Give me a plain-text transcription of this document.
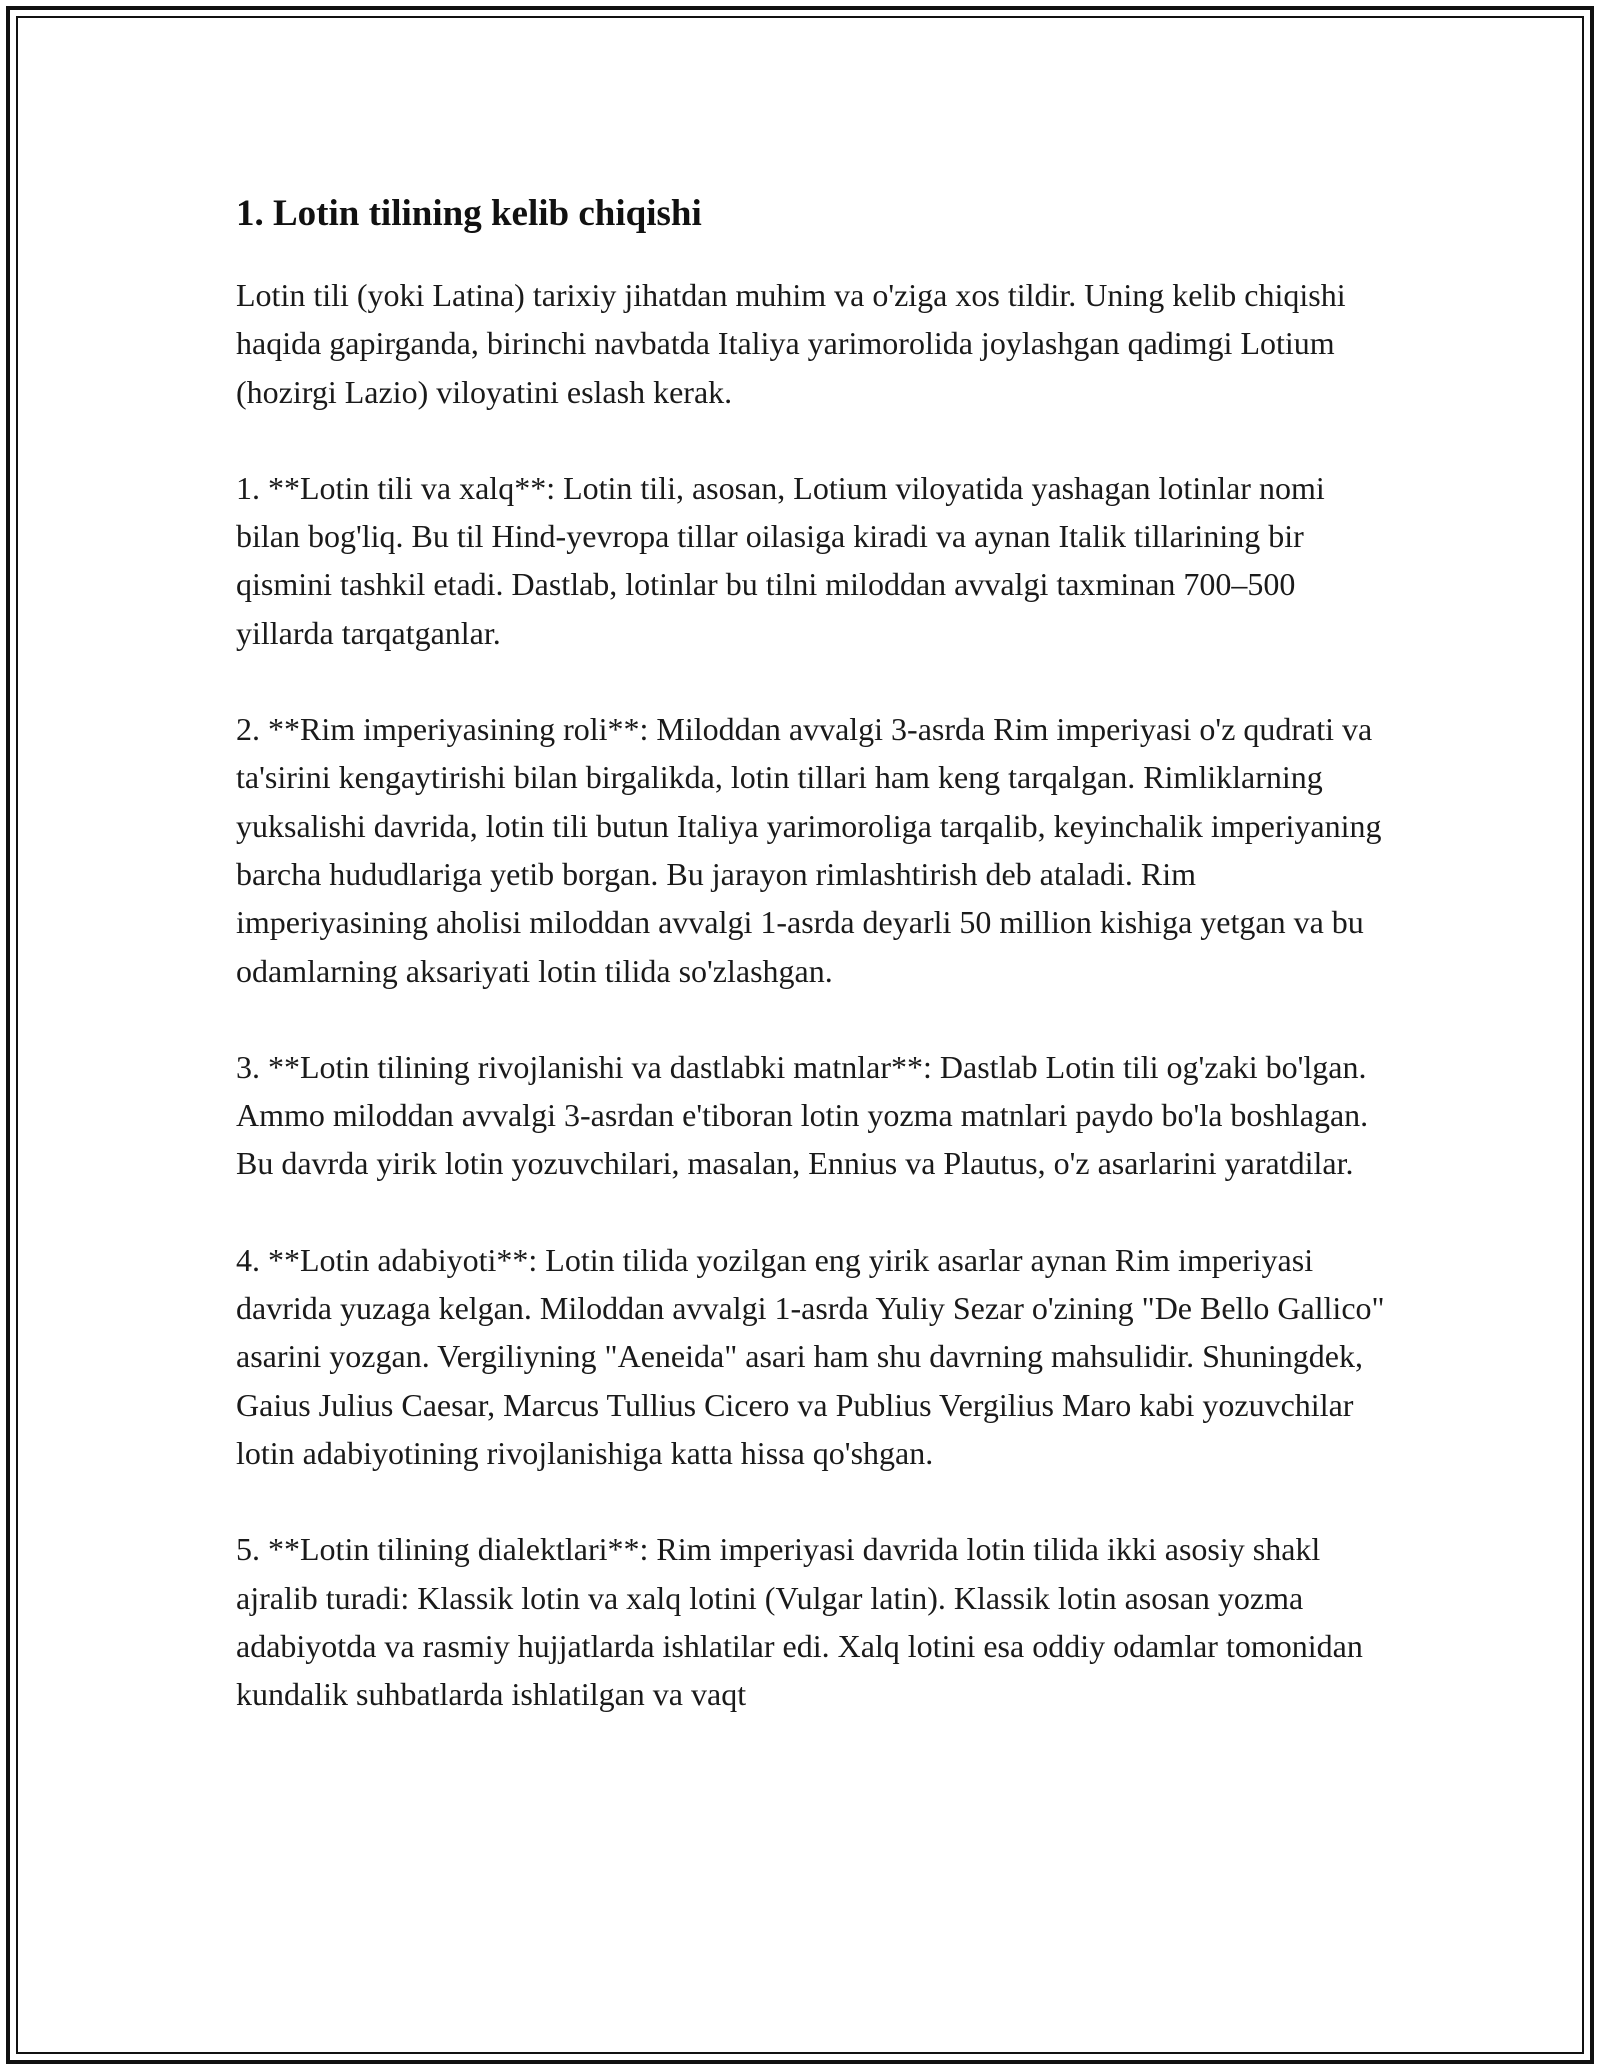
1. Lotin tilining kelib chiqishi

Lotin tili (yoki Latina) tarixiy jihatdan muhim va o'ziga xos tildir. Uning kelib chiqishi haqida gapirganda, birinchi navbatda Italiya yarimorolida joylashgan qadimgi Lotium (hozirgi Lazio) viloyatini eslash kerak.

1. **Lotin tili va xalq**: Lotin tili, asosan, Lotium viloyatida yashagan lotinlar nomi bilan bog'liq. Bu til Hind-yevropa tillar oilasiga kiradi va aynan Italik tillarining bir qismini tashkil etadi. Dastlab, lotinlar bu tilni miloddan avvalgi taxminan 700–500 yillarda tarqatganlar.

2. **Rim imperiyasining roli**: Miloddan avvalgi 3-asrda Rim imperiyasi o'z qudrati va ta'sirini kengaytirishi bilan birgalikda, lotin tillari ham keng tarqalgan. Rimliklarning yuksalishi davrida, lotin tili butun Italiya yarimoroliga tarqalib, keyinchalik imperiyaning barcha hududlariga yetib borgan. Bu jarayon rimlashtirish deb ataladi. Rim imperiyasining aholisi miloddan avvalgi 1-asrda deyarli 50 million kishiga yetgan va bu odamlarning aksariyati lotin tilida so'zlashgan.

3. **Lotin tilining rivojlanishi va dastlabki matnlar**: Dastlab Lotin tili og'zaki bo'lgan. Ammo miloddan avvalgi 3-asrdan e'tiboran lotin yozma matnlari paydo bo'la boshlagan. Bu davrda yirik lotin yozuvchilari, masalan, Ennius va Plautus, o'z asarlarini yaratdilar.

4. **Lotin adabiyoti**: Lotin tilida yozilgan eng yirik asarlar aynan Rim imperiyasi davrida yuzaga kelgan. Miloddan avvalgi 1-asrda Yuliy Sezar o'zining "De Bello Gallico" asarini yozgan. Vergiliyning "Aeneida" asari ham shu davrning mahsulidir. Shuningdek, Gaius Julius Caesar, Marcus Tullius Cicero va Publius Vergilius Maro kabi yozuvchilar lotin adabiyotining rivojlanishiga katta hissa qo'shgan.

5. **Lotin tilining dialektlari**: Rim imperiyasi davrida lotin tilida ikki asosiy shakl ajralib turadi: Klassik lotin va xalq lotini (Vulgar latin). Klassik lotin asosan yozma adabiyotda va rasmiy hujjatlarda ishlatilar edi. Xalq lotini esa oddiy odamlar tomonidan kundalik suhbatlarda ishlatilgan va vaqt
